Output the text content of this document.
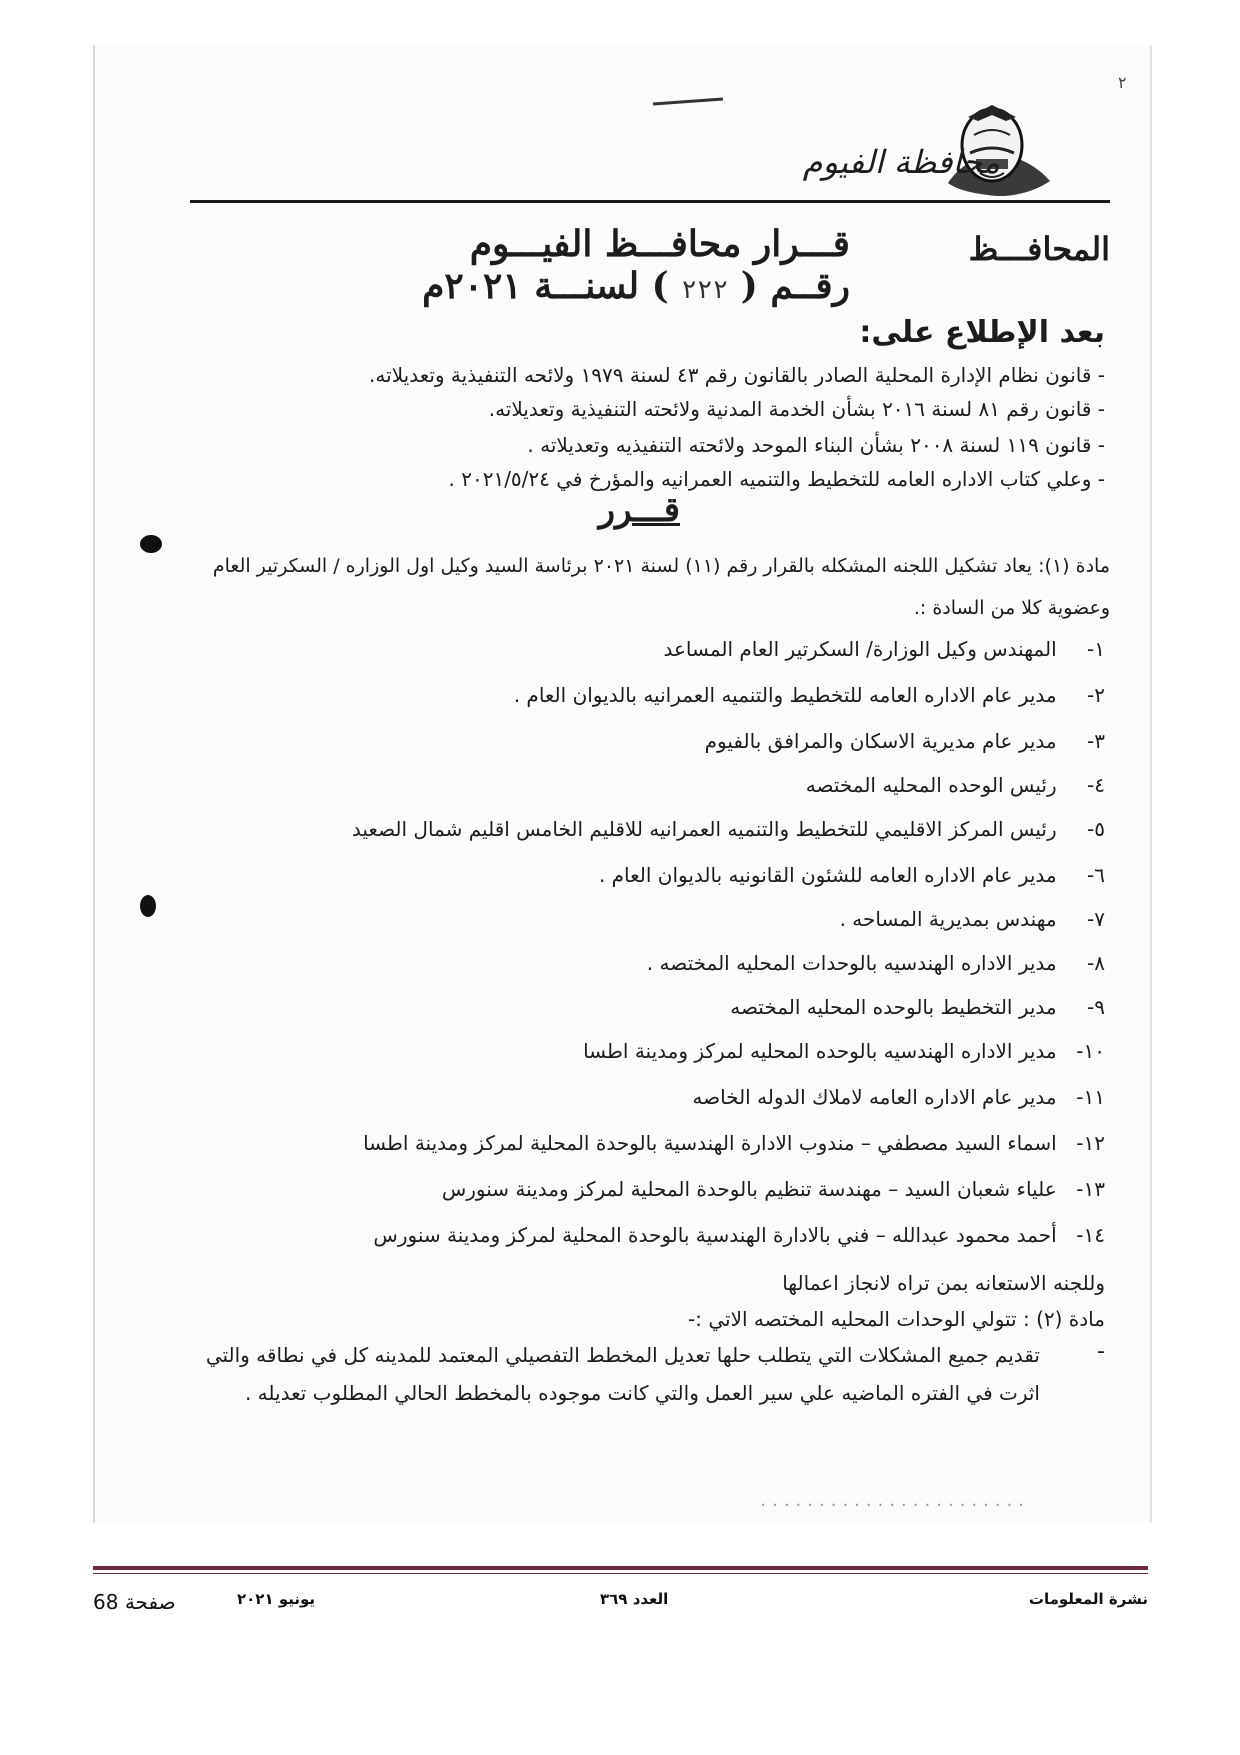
٢
محافظة الفيوم
المحافـــظ
قـــرار محافـــظ الفيـــوم
رقــم ( ٢٢٢ ) لسنـــة ٢٠٢١م
بعد الإطلاع على:
- قانون نظام الإدارة المحلية الصادر بالقانون رقم ٤٣ لسنة ١٩٧٩ ولائحه التنفيذية وتعديلاته.
- قانون رقم ٨١ لسنة ٢٠١٦ بشأن الخدمة المدنية ولائحته التنفيذية وتعديلاته.
- قانون ١١٩ لسنة ٢٠٠٨ بشأن البناء الموحد ولائحته التنفيذيه وتعديلاته .
- وعلي كتاب الاداره العامه للتخطيط والتنميه العمرانيه والمؤرخ في ٢٠٢١/٥/٢٤ .
قـــرر
مادة (١): يعاد تشكيل اللجنه المشكله بالقرار رقم (١١) لسنة ٢٠٢١ برئاسة السيد وكيل اول الوزاره / السكرتير العام
وعضوية كلا من السادة :.
١- المهندس وكيل الوزارة/ السكرتير العام المساعد
٢- مدير عام الاداره العامه للتخطيط والتنميه العمرانيه بالديوان العام .
٣- مدير عام مديرية الاسكان والمرافق بالفيوم
٤- رئيس الوحده المحليه المختصه
٥- رئيس المركز الاقليمي للتخطيط والتنميه العمرانيه للاقليم الخامس اقليم شمال الصعيد
٦- مدير عام الاداره العامه للشئون القانونيه بالديوان العام .
٧- مهندس بمديرية المساحه .
٨- مدير الاداره الهندسيه بالوحدات المحليه المختصه .
٩- مدير التخطيط بالوحده المحليه المختصه
١٠- مدير الاداره الهندسيه بالوحده المحليه لمركز ومدينة اطسا
١١- مدير عام الاداره العامه لاملاك الدوله الخاصه
١٢- اسماء السيد مصطفي – مندوب الادارة الهندسية بالوحدة المحلية لمركز ومدينة اطسا
١٣- علياء شعبان السيد – مهندسة تنظيم بالوحدة المحلية لمركز ومدينة سنورس
١٤- أحمد محمود عبدالله – فني بالادارة الهندسية بالوحدة المحلية لمركز ومدينة سنورس
وللجنه الاستعانه بمن تراه لانجاز اعمالها
مادة (٢) : تتولي الوحدات المحليه المختصه الاتي :-
-
تقديم جميع المشكلات التي يتطلب حلها تعديل المخطط التفصيلي المعتمد للمدينه كل في نطاقه والتي
اثرت في الفتره الماضيه علي سير العمل والتي كانت موجوده بالمخطط الحالي المطلوب تعديله .
.......................
نشرة المعلومات
العدد ٣٦٩
يونيو ٢٠٢١
صفحة 68
